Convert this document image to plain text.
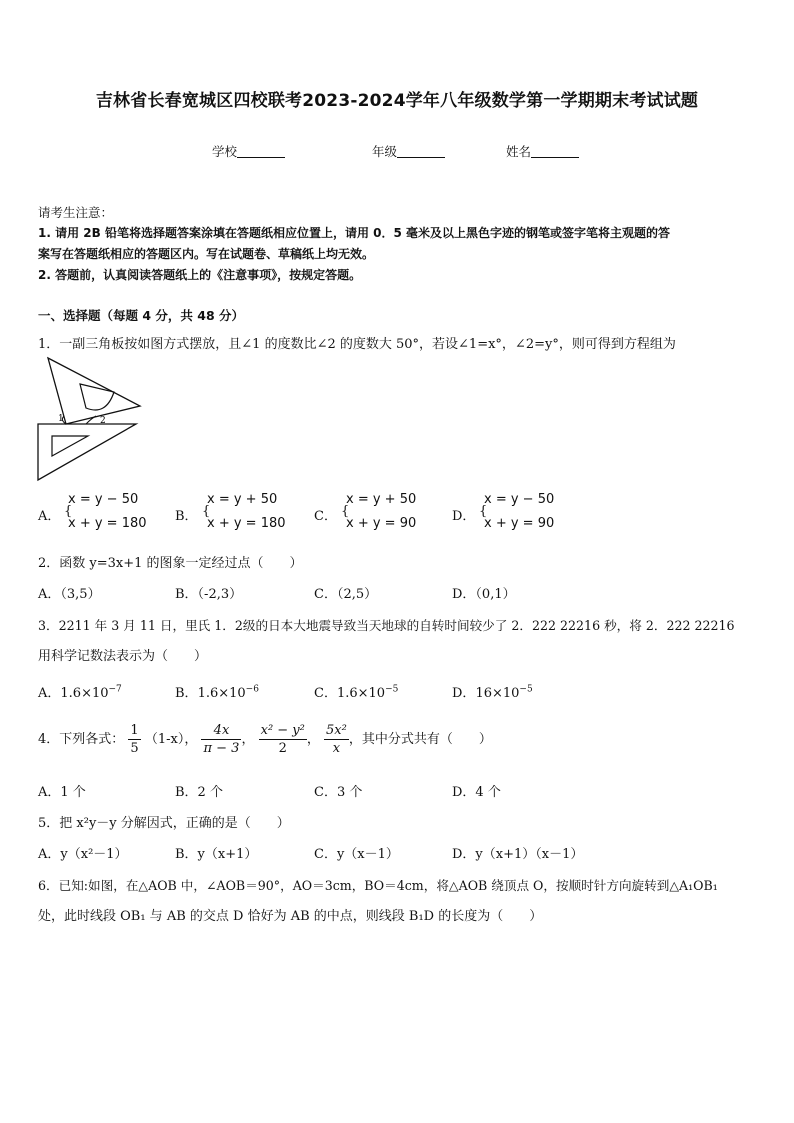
吉林省长春宽城区四校联考2023-2024学年八年级数学第一学期期末考试试题
学校	年级	姓名
请考生注意：
1. 请用 2B 铅笔将选择题答案涂填在答题纸相应位置上，请用 0．5 毫米及以上黑色字迹的钢笔或签字笔将主观题的答
案写在答题纸相应的答题区内。写在试题卷、草稿纸上均无效。
2. 答题前，认真阅读答题纸上的《注意事项》，按规定答题。
一、选择题（每题 4 分，共 48 分）
1．一副三角板按如图方式摆放，且∠1 的度数比∠2 的度数大 50°，若设∠1=x°，∠2=y°，则可得到方程组为
1	2
A． {
x = y − 50
x + y = 180 B． {
x = y + 50
x + y = 180 C． {
x = y + 50
x + y = 90	D． {
x = y − 50
x + y = 90
2．函数 y=3x+1 的图象一定经过点（　　）
A．（3,5）	B．（-2,3）	C．（2,5）	D．（0,1）
3．2211 年 3 月 11 日，里氏 1．2级的日本大地震导致当天地球的自转时间较少了 2．222 22216 秒，将 2．222 22216
用科学记数法表示为（　　）
A．$1.6\times 10^{-7}$	B．$1.6\times 10^{-6}$	C．$1.6\times 10^{-5}$	D．$16\times 10^{-5}$
4．下列各式： $\frac{1}{5} (1-x)$， $\frac{4x}{\pi - 3}$ ， $\frac{\text{x² − y²}}{2}$ ， $\frac{\text{5x²}}{x}$ ，其中分式共有（　　）
A．1 个	B．2 个	C．3 个	D．4 个
5．把 x²y－y 分解因式，正确的是（　　）
A．y（x²－1）	B．y（x+1）	C．y（x－1）	D．y（x+1）（x－1）
6．已知:如图，在△AOB 中，∠AOB＝90°，AO＝3cm，BO＝4cm，将△AOB 绕顶点 O，按顺时针方向旋转到△A₁OB₁
处，此时线段 OB₁ 与 AB 的交点 D 恰好为 AB 的中点，则线段 B₁D 的长度为（　　）
